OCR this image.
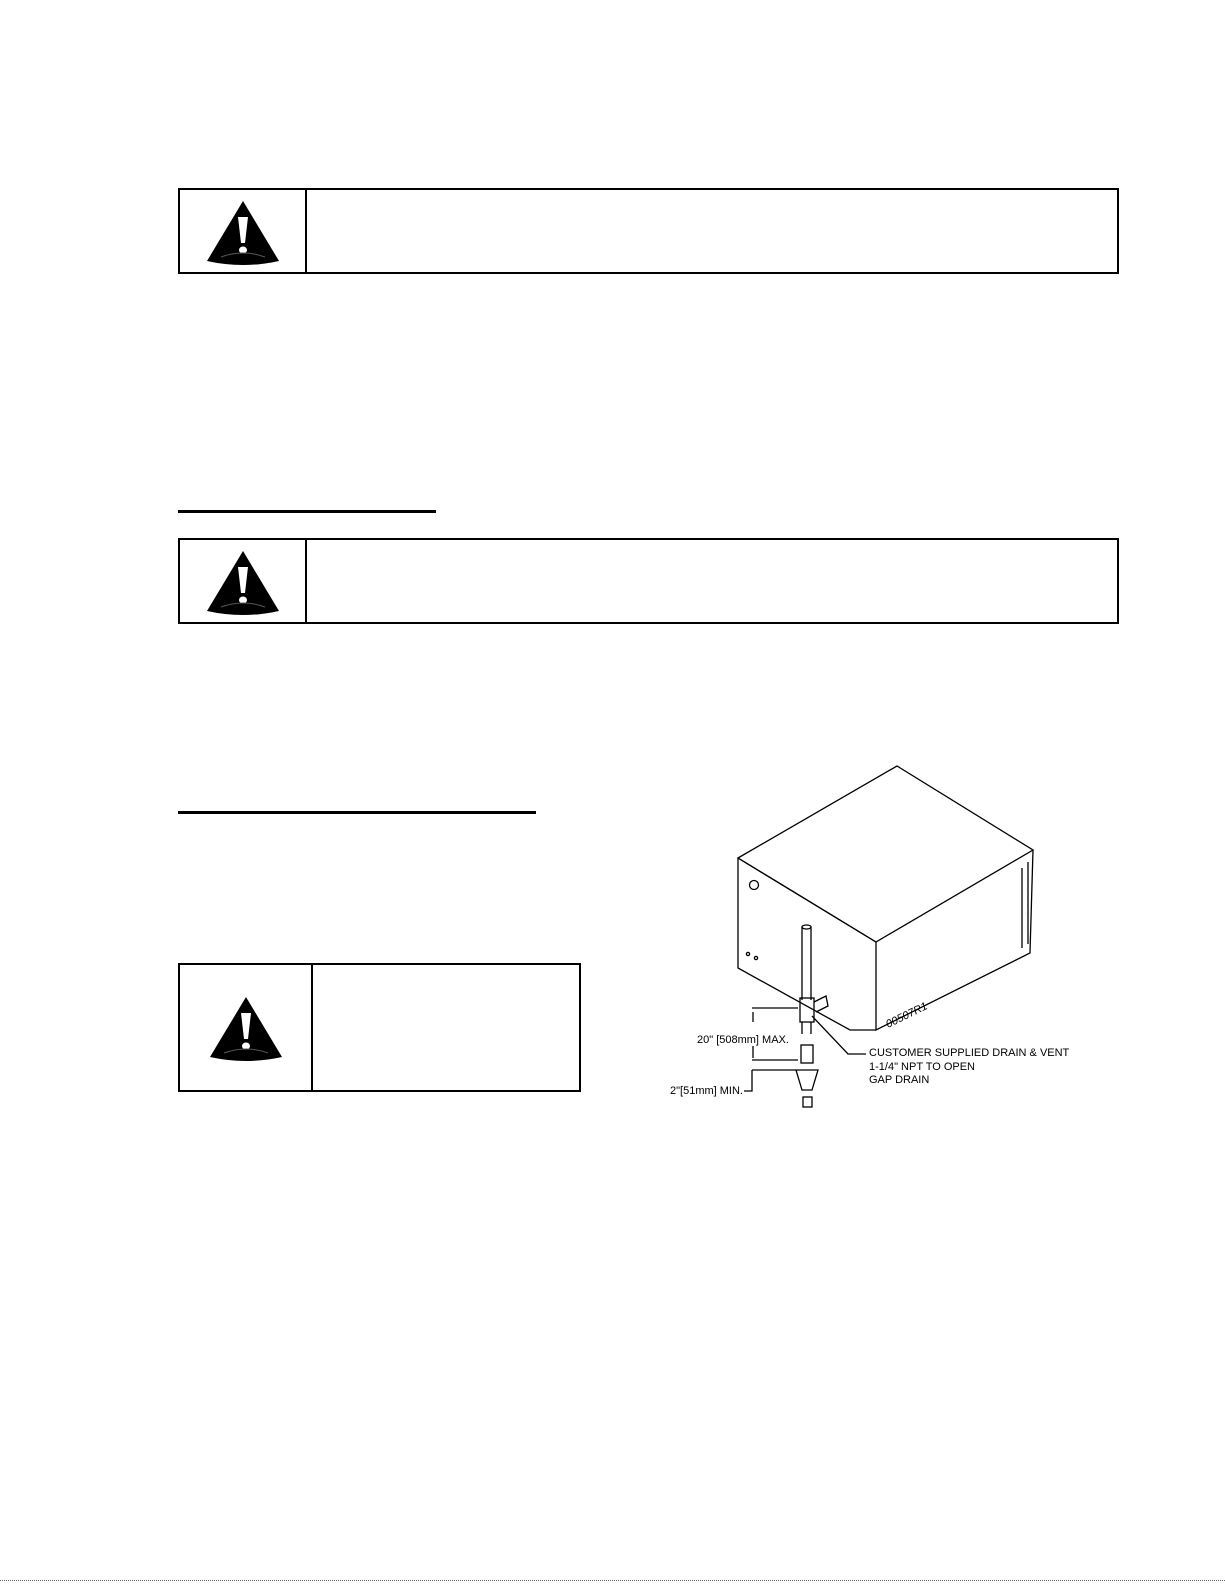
20" [508mm] MAX.
2"[51mm] MIN.
CUSTOMER SUPPLIED DRAIN & VENT
1-1/4" NPT TO OPEN
GAP DRAIN
00507R1
